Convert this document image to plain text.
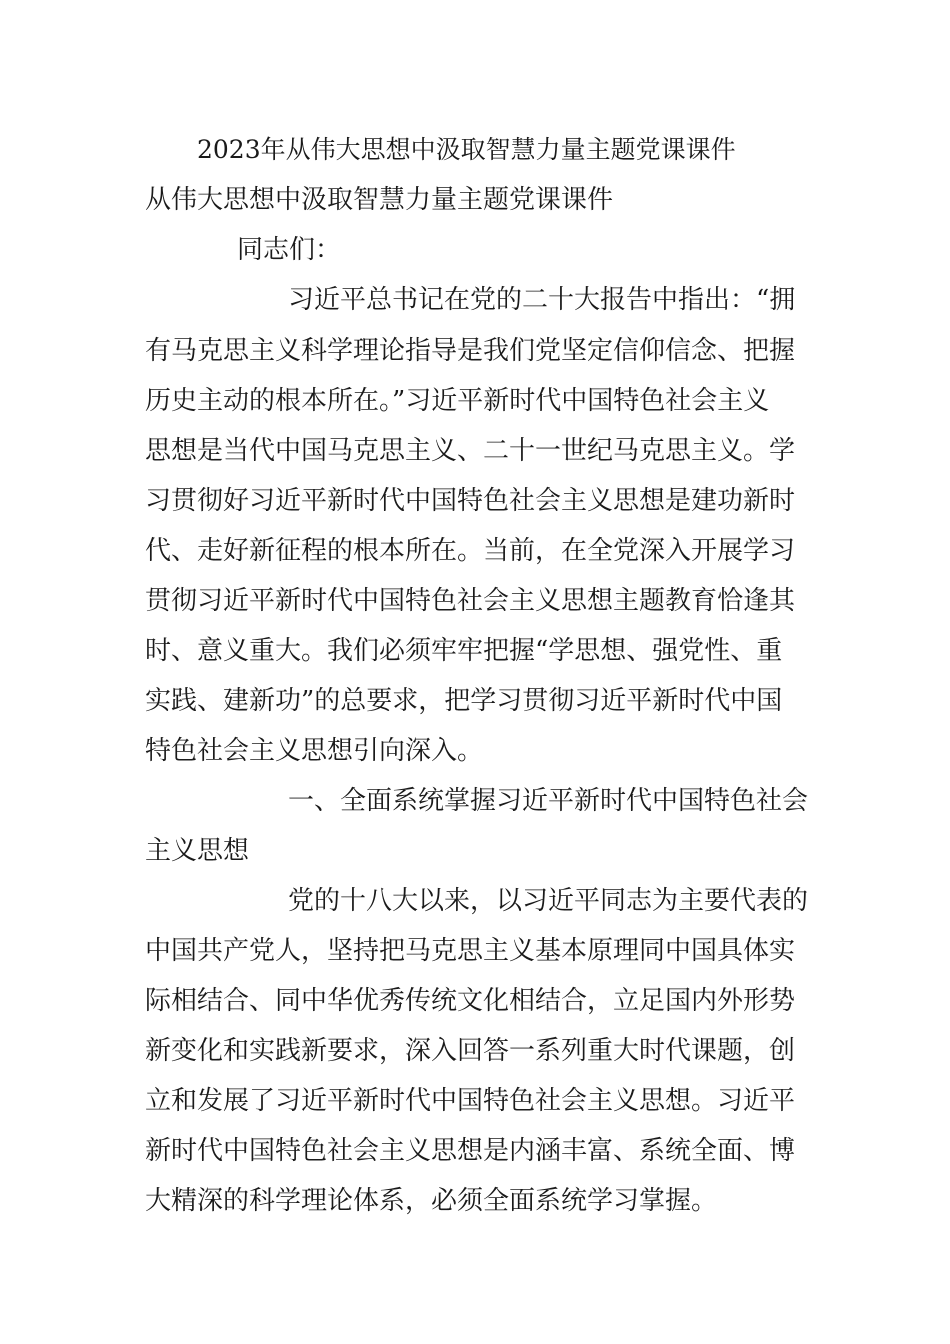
2023年从伟大思想中汲取智慧力量主题党课课件
从伟大思想中汲取智慧力量主题党课课件
同志们：
习近平总书记在党的二十大报告中指出：“拥
有马克思主义科学理论指导是我们党坚定信仰信念、把握
历史主动的根本所在。”习近平新时代中国特色社会主义
思想是当代中国马克思主义、二十一世纪马克思主义。学
习贯彻好习近平新时代中国特色社会主义思想是建功新时
代、走好新征程的根本所在。当前，在全党深入开展学习
贯彻习近平新时代中国特色社会主义思想主题教育恰逢其
时、意义重大。我们必须牢牢把握“学思想、强党性、重
实践、建新功”的总要求，把学习贯彻习近平新时代中国
特色社会主义思想引向深入。
一、全面系统掌握习近平新时代中国特色社会
主义思想
党的十八大以来，以习近平同志为主要代表的
中国共产党人，坚持把马克思主义基本原理同中国具体实
际相结合、同中华优秀传统文化相结合，立足国内外形势
新变化和实践新要求，深入回答一系列重大时代课题，创
立和发展了习近平新时代中国特色社会主义思想。习近平
新时代中国特色社会主义思想是内涵丰富、系统全面、博
大精深的科学理论体系，必须全面系统学习掌握。
